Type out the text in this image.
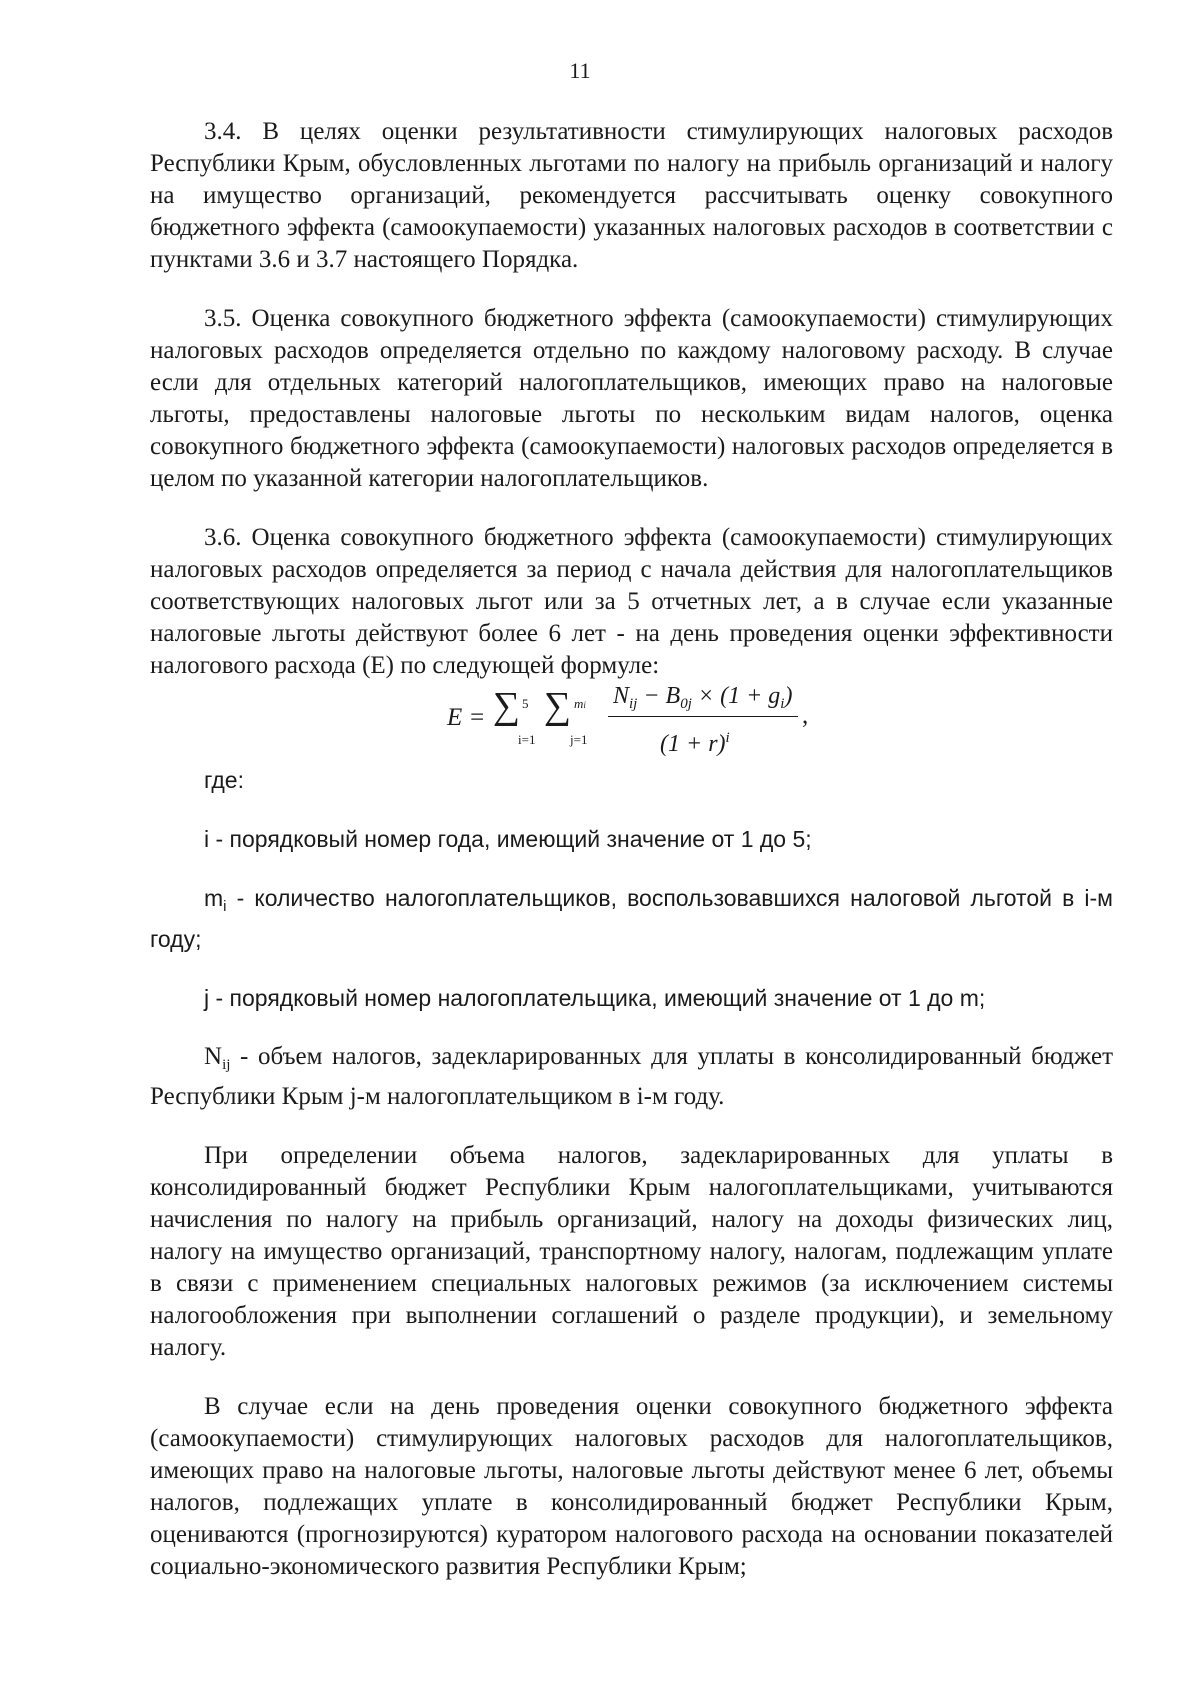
11

3.4. В целях оценки результативности стимулирующих налоговых расходов Республики Крым, обусловленных льготами по налогу на прибыль организаций и налогу на имущество организаций, рекомендуется рассчитывать оценку совокупного бюджетного эффекта (самоокупаемости) указанных налоговых расходов в соответствии с пунктами 3.6 и 3.7 настоящего Порядка.

3.5. Оценка совокупного бюджетного эффекта (самоокупаемости) стимулирующих налоговых расходов определяется отдельно по каждому налоговому расходу. В случае если для отдельных категорий налогоплательщиков, имеющих право на налоговые льготы, предоставлены налоговые льготы по нескольким видам налогов, оценка совокупного бюджетного эффекта (самоокупаемости) налоговых расходов определяется в целом по указанной категории налогоплательщиков.

3.6. Оценка совокупного бюджетного эффекта (самоокупаемости) стимулирующих налоговых расходов определяется за период с начала действия для налогоплательщиков соответствующих налоговых льгот или за 5 отчетных лет, а в случае если указанные налоговые льготы действуют более 6 лет - на день проведения оценки эффективности налогового расхода (E) по следующей формуле:

E = ∑ 5
i=1
∑ mi
j=1
$N_{ij} - B_{0j} \times (1 + g_i)$
$(1 + r)^i$
,

где:

i - порядковый номер года, имеющий значение от 1 до 5;

$m_i$ - количество налогоплательщиков, воспользовавшихся налоговой льготой в i-м году;

j - порядковый номер налогоплательщика, имеющий значение от 1 до m;

$N_{ij}$ - объем налогов, задекларированных для уплаты в консолидированный бюджет Республики Крым j-м налогоплательщиком в i-м году.

При определении объема налогов, задекларированных для уплаты в консолидированный бюджет Республики Крым налогоплательщиками, учитываются начисления по налогу на прибыль организаций, налогу на доходы физических лиц, налогу на имущество организаций, транспортному налогу, налогам, подлежащим уплате в связи с применением специальных налоговых режимов (за исключением системы налогообложения при выполнении соглашений о разделе продукции), и земельному налогу.

В случае если на день проведения оценки совокупного бюджетного эффекта (самоокупаемости) стимулирующих налоговых расходов для налогоплательщиков, имеющих право на налоговые льготы, налоговые льготы действуют менее 6 лет, объемы налогов, подлежащих уплате в консолидированный бюджет Республики Крым, оцениваются (прогнозируются) куратором налогового расхода на основании показателей социально-экономического развития Республики Крым;
